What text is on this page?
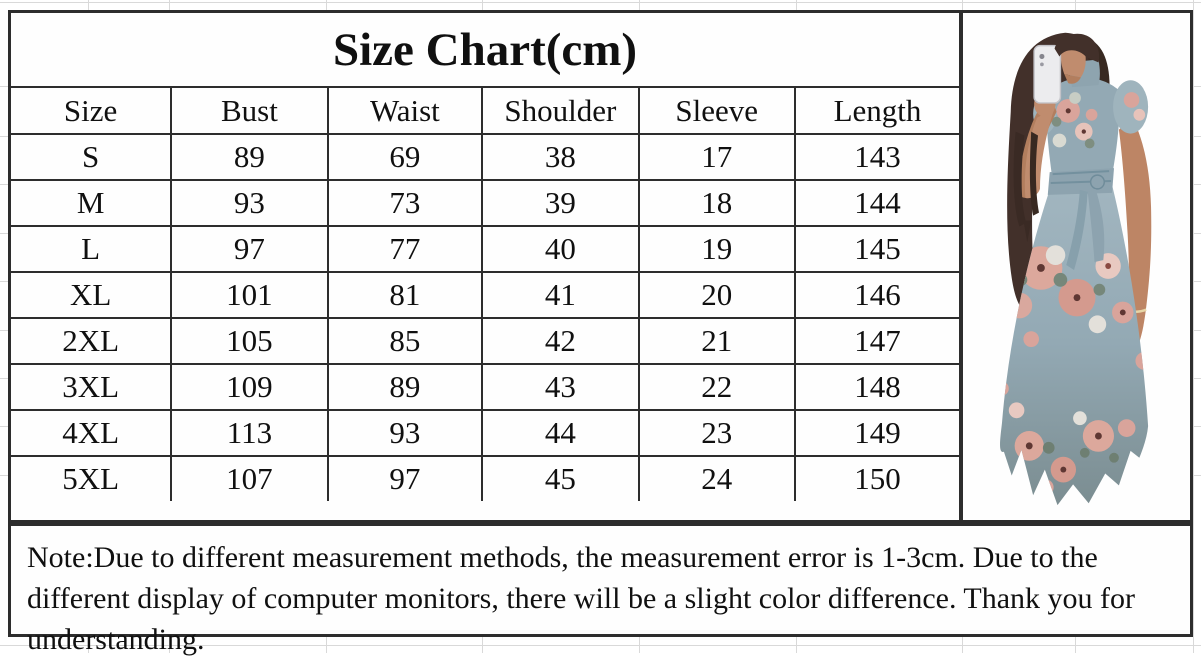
Size Chart(cm)
Size	Bust	Waist	Shoulder	Sleeve	Length
S	89	69	38	17	143
M	93	73	39	18	144
L	97	77	40	19	145
XL	101	81	41	20	146
2XL	105	85	42	21	147
3XL	109	89	43	22	148
4XL	113	93	44	23	149
5XL	107	97	45	24	150

Note:Due to different measurement methods, the measurement error is 1-3cm. Due to the different display of computer monitors, there will be a slight color difference. Thank you for understanding.
